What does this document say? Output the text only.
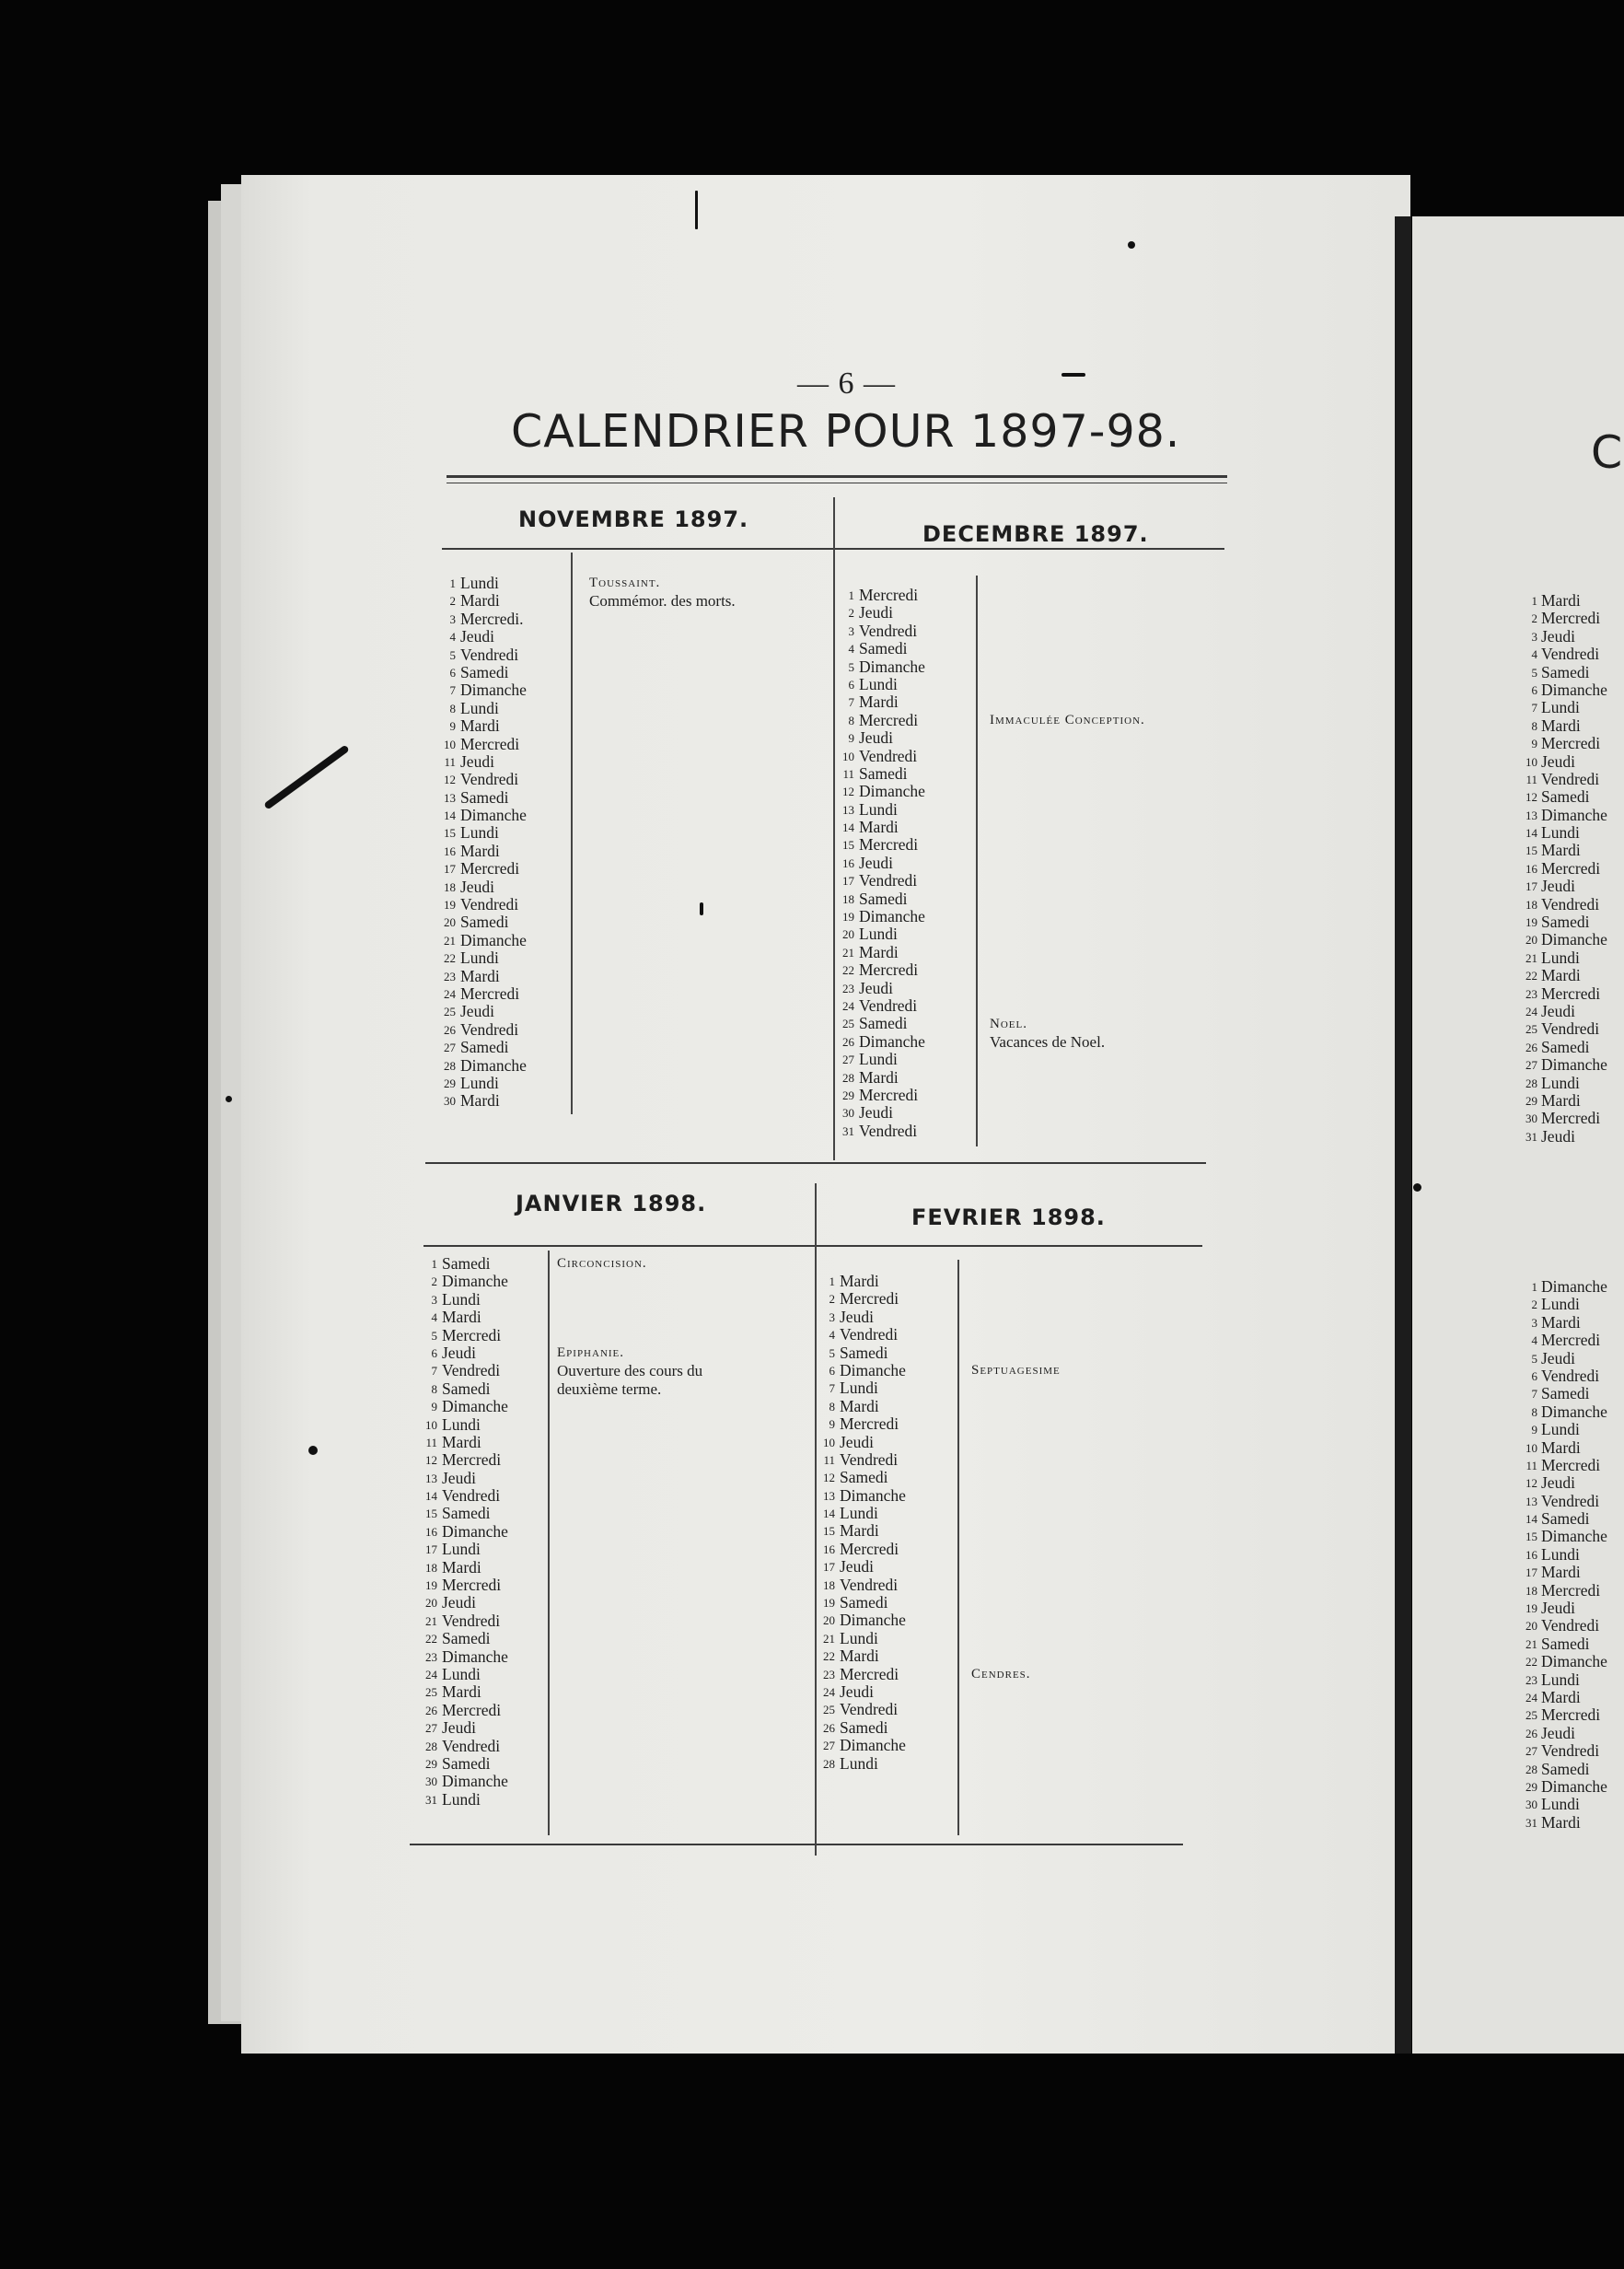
— 6 —
CALENDRIER POUR 1897-98.	C
NOVEMBRE 1897.
DECEMBRE 1897.
JANVIER 1898.
FEVRIER 1898.
1 Lundi
2 Mardi
3 Mercredi.
4 Jeudi
5 Vendredi
6 Samedi
7 Dimanche
8 Lundi
9 Mardi
10 Mercredi
11 Jeudi
12 Vendredi
13 Samedi
14 Dimanche
15 Lundi
16 Mardi
17 Mercredi
18 Jeudi
19 Vendredi
20 Samedi
21 Dimanche
22 Lundi
23 Mardi
24 Mercredi
25 Jeudi
26 Vendredi
27 Samedi
28 Dimanche
29 Lundi
30 Mardi
1 Mercredi
2 Jeudi
3 Vendredi
4 Samedi
5 Dimanche
6 Lundi
7 Mardi
8 Mercredi
9 Jeudi
10 Vendredi
11 Samedi
12 Dimanche
13 Lundi
14 Mardi
15 Mercredi
16 Jeudi
17 Vendredi
18 Samedi
19 Dimanche
20 Lundi
21 Mardi
22 Mercredi
23 Jeudi
24 Vendredi
25 Samedi
26 Dimanche
27 Lundi
28 Mardi
29 Mercredi
30 Jeudi
31 Vendredi
1 Samedi
2 Dimanche
3 Lundi
4 Mardi
5 Mercredi
6 Jeudi
7 Vendredi
8 Samedi
9 Dimanche
10 Lundi
11 Mardi
12 Mercredi
13 Jeudi
14 Vendredi
15 Samedi
16 Dimanche
17 Lundi
18 Mardi
19 Mercredi
20 Jeudi
21 Vendredi
22 Samedi
23 Dimanche
24 Lundi
25 Mardi
26 Mercredi
27 Jeudi
28 Vendredi
29 Samedi
30 Dimanche
31 Lundi
1 Mardi
2 Mercredi
3 Jeudi
4 Vendredi
5 Samedi
6 Dimanche
7 Lundi
8 Mardi
9 Mercredi
10 Jeudi
11 Vendredi
12 Samedi
13 Dimanche
14 Lundi
15 Mardi
16 Mercredi
17 Jeudi
18 Vendredi
19 Samedi
20 Dimanche
21 Lundi
22 Mardi
23 Mercredi
24 Jeudi
25 Vendredi
26 Samedi
27 Dimanche
28 Lundi
1 Mardi
2 Mercredi
3 Jeudi
4 Vendredi
5 Samedi
6 Dimanche
7 Lundi
8 Mardi
9 Mercredi
10 Jeudi
11 Vendredi
12 Samedi
13 Dimanche
14 Lundi
15 Mardi
16 Mercredi
17 Jeudi
18 Vendredi
19 Samedi
20 Dimanche
21 Lundi
22 Mardi
23 Mercredi
24 Jeudi
25 Vendredi
26 Samedi
27 Dimanche
28 Lundi
29 Mardi
30 Mercredi
31 Jeudi
1 Dimanche
2 Lundi
3 Mardi
4 Mercredi
5 Jeudi
6 Vendredi
7 Samedi
8 Dimanche
9 Lundi
10 Mardi
11 Mercredi
12 Jeudi
13 Vendredi
14 Samedi
15 Dimanche
16 Lundi
17 Mardi
18 Mercredi
19 Jeudi
20 Vendredi
21 Samedi
22 Dimanche
23 Lundi
24 Mardi
25 Mercredi
26 Jeudi
27 Vendredi
28 Samedi
29 Dimanche
30 Lundi
31 Mardi
Toussaint.
Commémor. des morts.
Immaculée Conception.
Noel.
Vacances de Noel.
Circoncision.
Epiphanie.
Ouverture des cours du
deuxième terme.
Septuagesime
Cendres.
